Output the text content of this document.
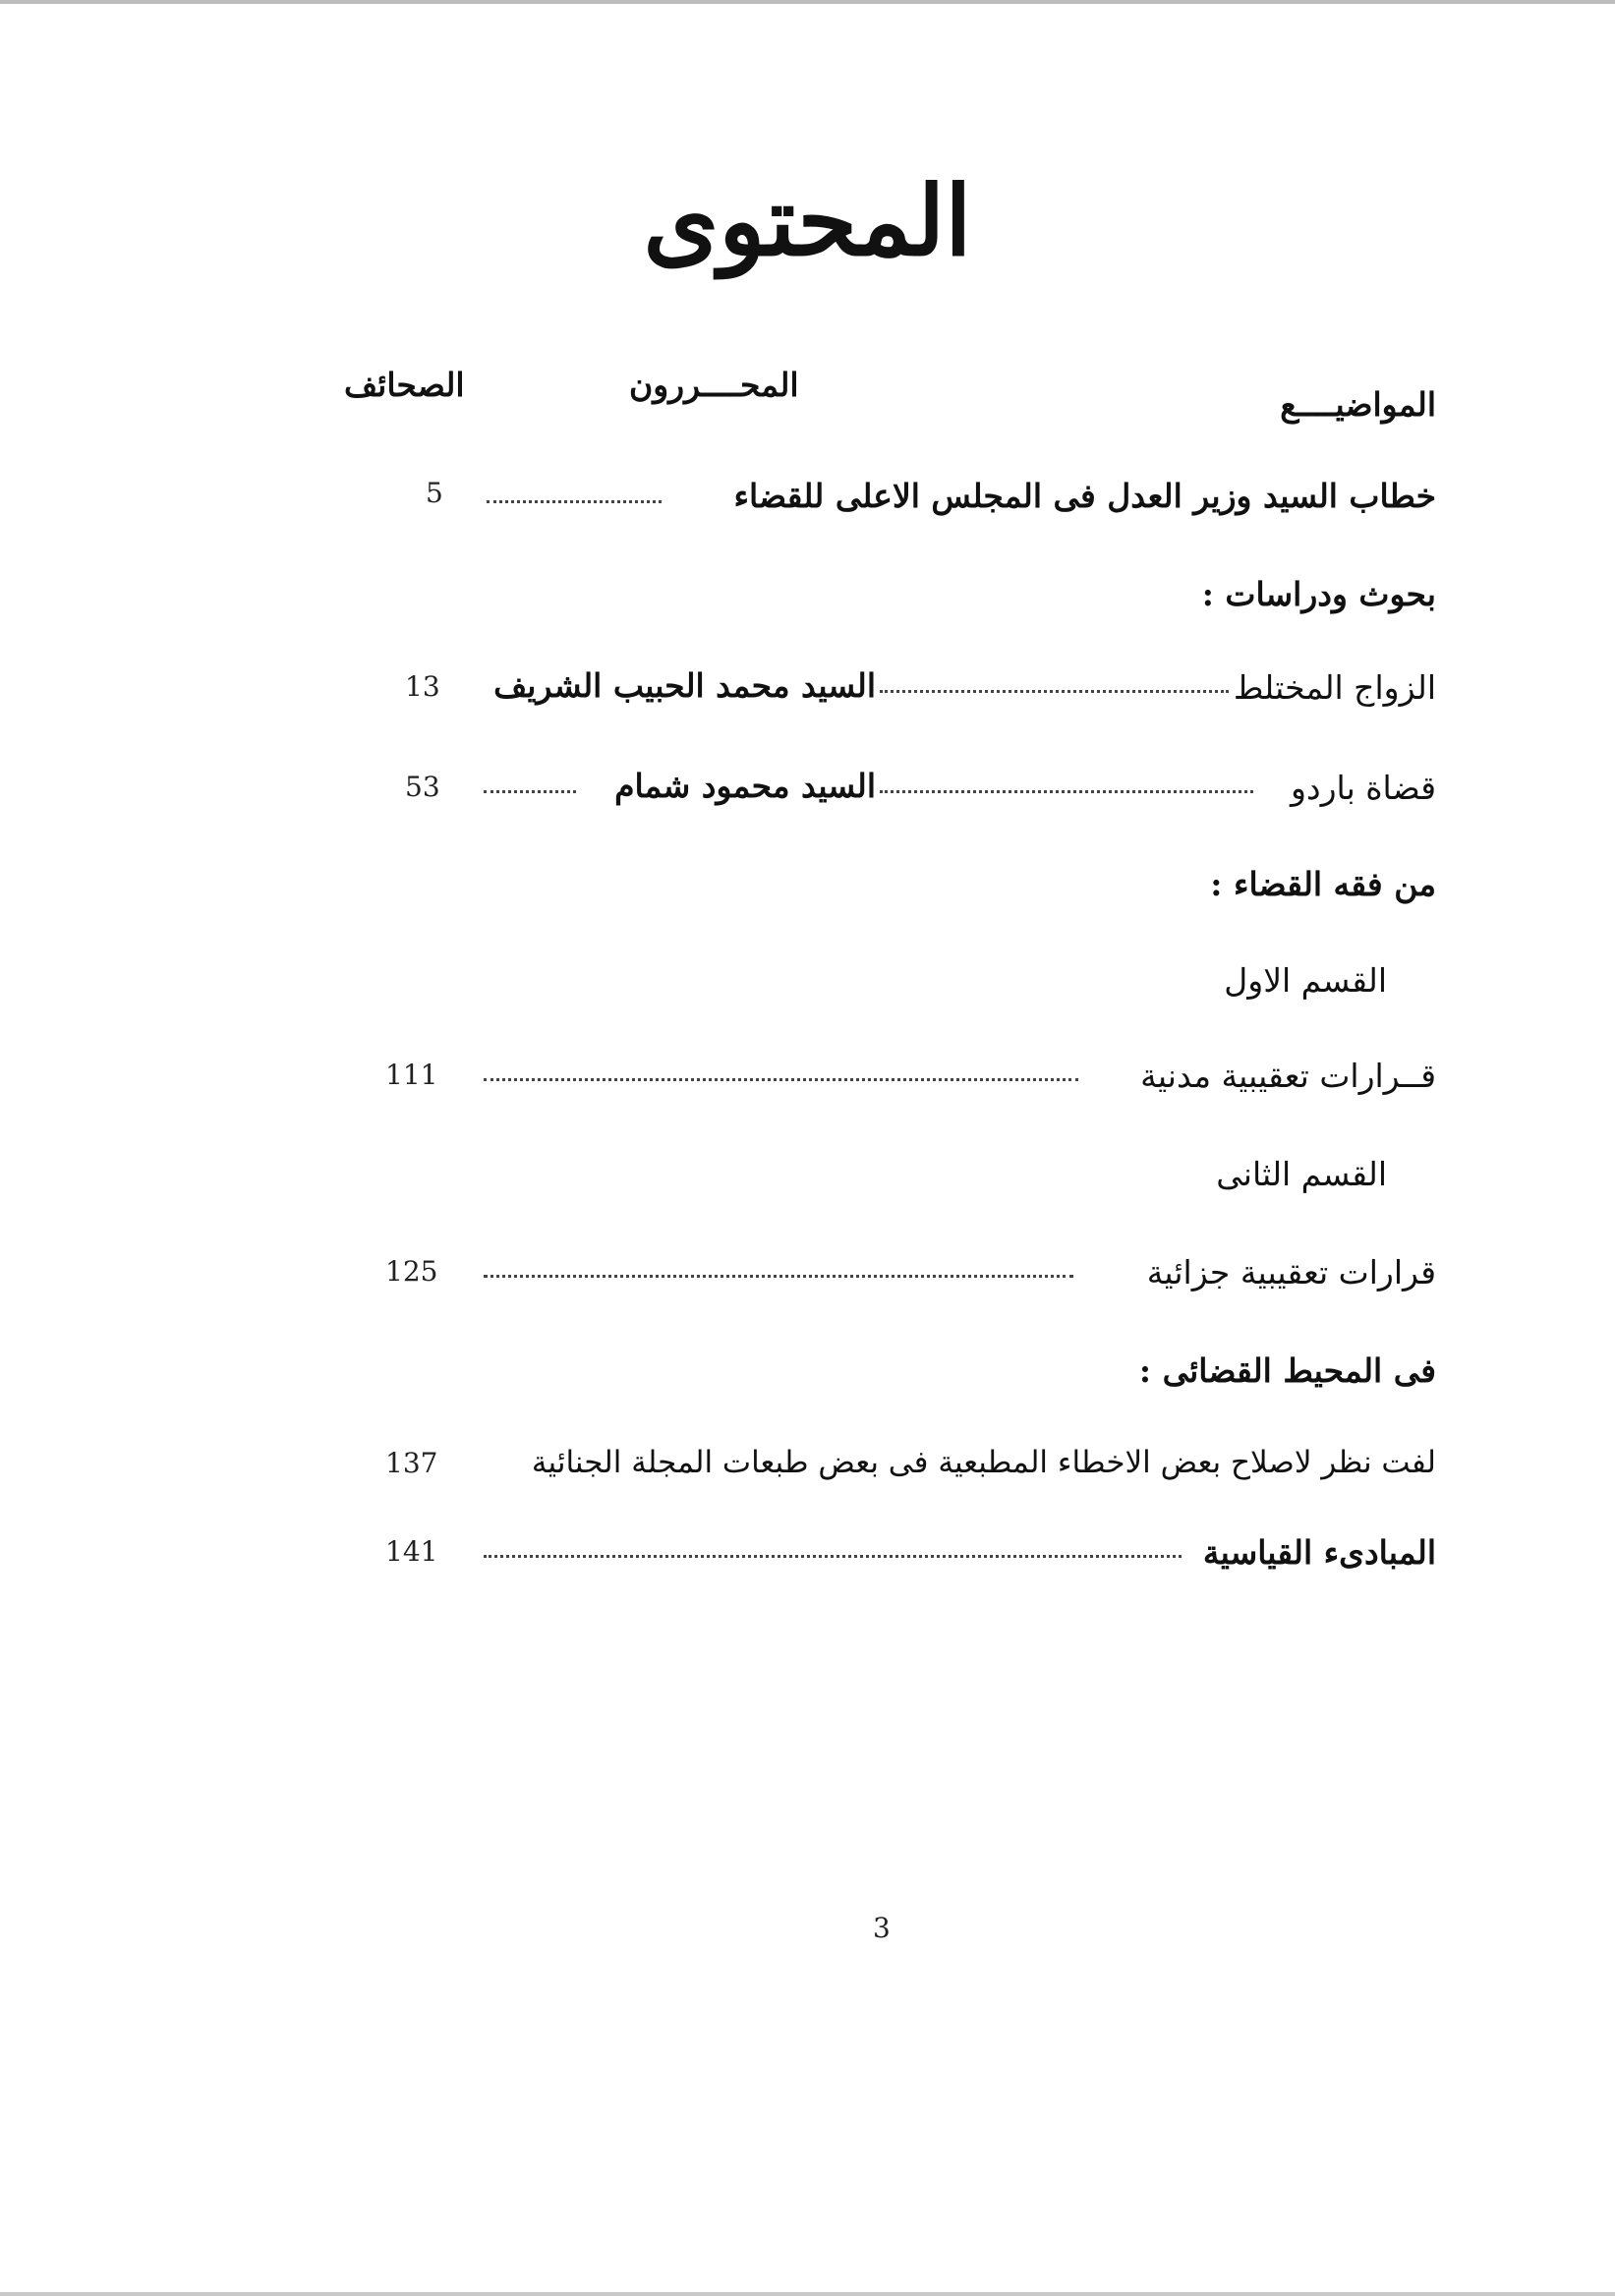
المحتوى
المواضيــــع
المحــــررون
الصحائف
خطاب السيد وزير العدل فى المجلس الاعلى للقضاء
5
بحوث ودراسات :
الزواج المختلط
السيد محمد الحبيب الشريف
13
قضاة باردو
السيد محمود شمام
53
من فقه القضاء :
القسم الاول
قــرارات تعقيبية مدنية
111
القسم الثانى
قرارات تعقيبية جزائية
125
فى المحيط القضائى :
لفت نظر لاصلاح بعض الاخطاء المطبعية فى بعض طبعات المجلة الجنائية
137
المبادىء القياسية
141
3
